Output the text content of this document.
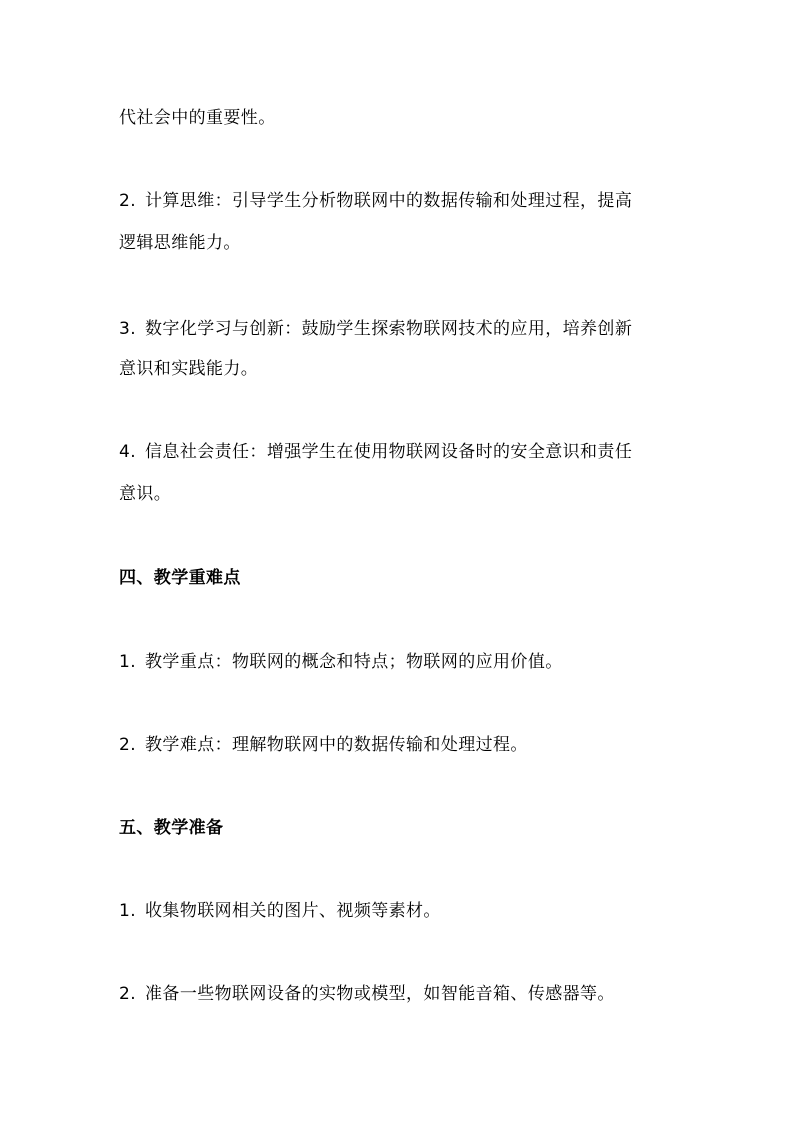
代社会中的重要性。
2. 计算思维：引导学生分析物联网中的数据传输和处理过程，提高
逻辑思维能力。
3. 数字化学习与创新：鼓励学生探索物联网技术的应用，培养创新
意识和实践能力。
4. 信息社会责任：增强学生在使用物联网设备时的安全意识和责任
意识。
四、教学重难点
1. 教学重点：物联网的概念和特点；物联网的应用价值。
2. 教学难点：理解物联网中的数据传输和处理过程。
五、教学准备
1. 收集物联网相关的图片、视频等素材。
2. 准备一些物联网设备的实物或模型，如智能音箱、传感器等。
